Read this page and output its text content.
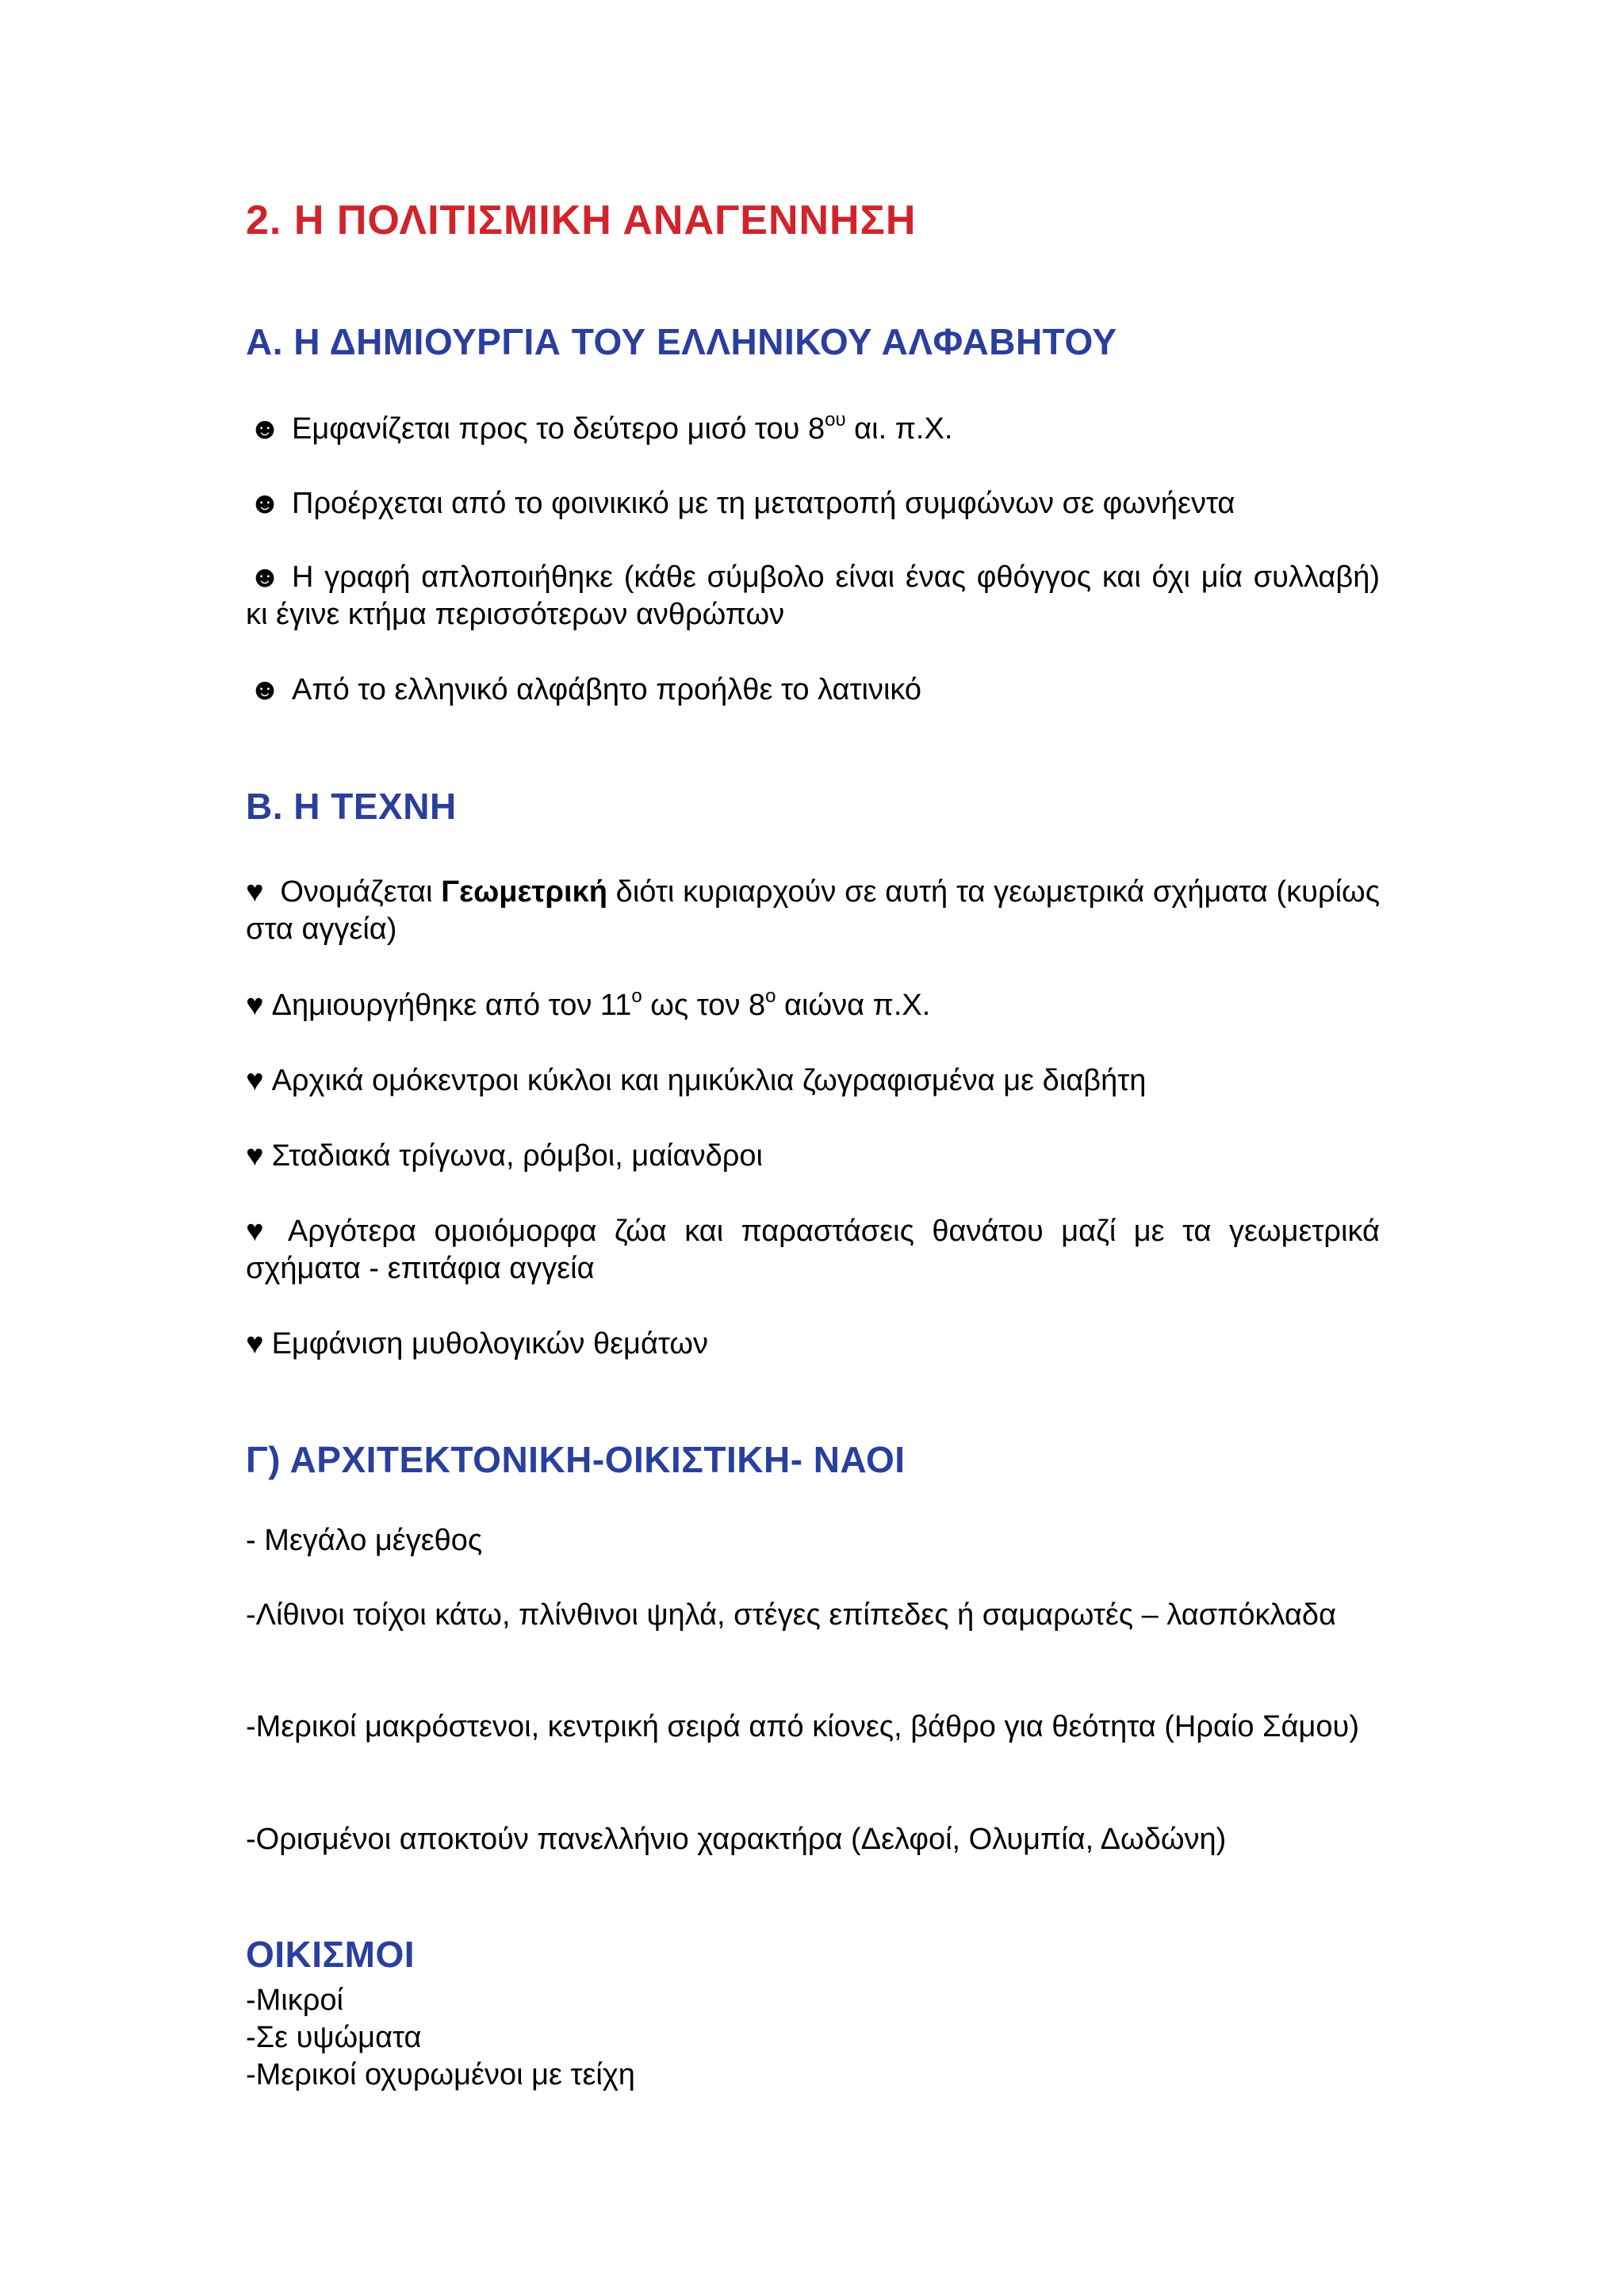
2. Η ΠΟΛΙΤΙΣΜΙΚΗ ΑΝΑΓΕΝΝΗΣΗ
Α. Η ΔΗΜΙΟΥΡΓΙΑ ΤΟΥ ΕΛΛΗΝΙΚΟΥ ΑΛΦΑΒΗΤΟΥ
☻ Εμφανίζεται προς το δεύτερο μισό του $8^{o\upsilon}$ αι. π.Χ.
☻ Προέρχεται από το φοινικικό με τη μετατροπή συμφώνων σε φωνήεντα
☻ Η γραφή απλοποιήθηκε (κάθε σύμβολο είναι ένας φθόγγος και όχι μία συλλαβή) κι έγινε κτήμα περισσότερων ανθρώπων
☻ Από το ελληνικό αλφάβητο προήλθε το λατινικό
Β. Η ΤΕΧΝΗ
♥ Ονομάζεται Γεωμετρική διότι κυριαρχούν σε αυτή τα γεωμετρικά σχήματα (κυρίως στα αγγεία)
♥ Δημιουργήθηκε από τον $11^o$ ως τον $8^o$ αιώνα π.Χ.
♥ Αρχικά ομόκεντροι κύκλοι και ημικύκλια ζωγραφισμένα με διαβήτη
♥ Σταδιακά τρίγωνα, ρόμβοι, μαίανδροι
♥ Αργότερα ομοιόμορφα ζώα και παραστάσεις θανάτου μαζί με τα γεωμετρικά σχήματα - επιτάφια αγγεία
♥ Εμφάνιση μυθολογικών θεμάτων
Γ) ΑΡΧΙΤΕΚΤΟΝΙΚΗ-ΟΙΚΙΣΤΙΚΗ- ΝΑΟΙ
- Μεγάλο μέγεθος
-Λίθινοι τοίχοι κάτω, πλίνθινοι ψηλά, στέγες επίπεδες ή σαμαρωτές – λασπόκλαδα
-Μερικοί μακρόστενοι, κεντρική σειρά από κίονες, βάθρο για θεότητα (Ηραίο Σάμου)
-Ορισμένοι αποκτούν πανελλήνιο χαρακτήρα (Δελφοί, Ολυμπία, Δωδώνη)
ΟΙΚΙΣΜΟΙ
-Μικροί
-Σε υψώματα
-Μερικοί οχυρωμένοι με τείχη
